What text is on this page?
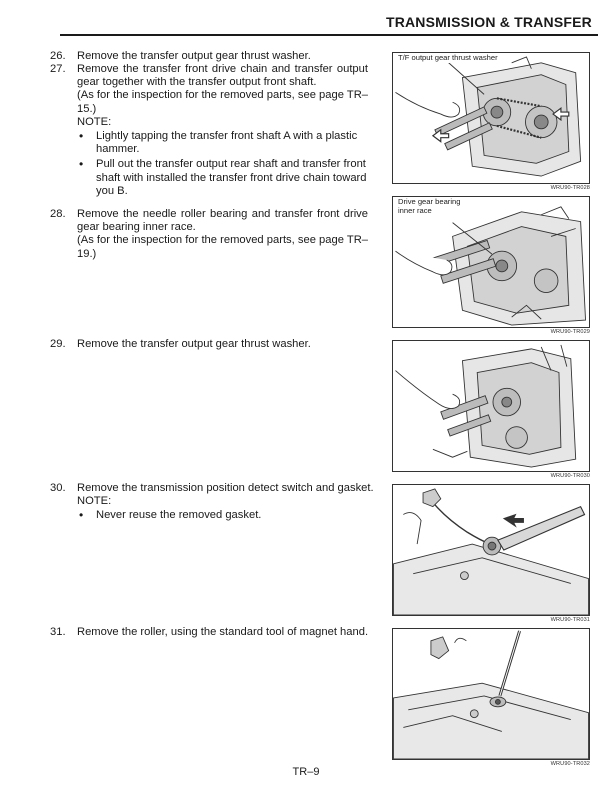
TRANSMISSION & TRANSFER
26.	Remove the transfer output gear thrust washer.

27.	Remove the transfer front drive chain and transfer output gear together with the transfer output front shaft.

(As for the inspection for the removed parts, see page TR–15.)

NOTE:

• Lightly tapping the transfer front shaft A with a plastic hammer.
• Pull out the transfer output rear shaft and transfer front shaft with installed the transfer front drive chain toward you B.
28.	Remove the needle roller bearing and transfer front drive gear bearing inner race.

(As for the inspection for the removed parts, see page TR–19.)

29.	Remove the transfer output gear thrust washer.

30.	Remove the transmission position detect switch and gasket.

NOTE:

• Never reuse the removed gasket.
31.	Remove the roller, using the standard tool of magnet hand.

T/F output gear thrust washer
WRU90-TR028
Drive gear bearing
inner race
WRU90-TR029
WRU90-TR030
WRU90-TR031
WRU90-TR032
TR–9
